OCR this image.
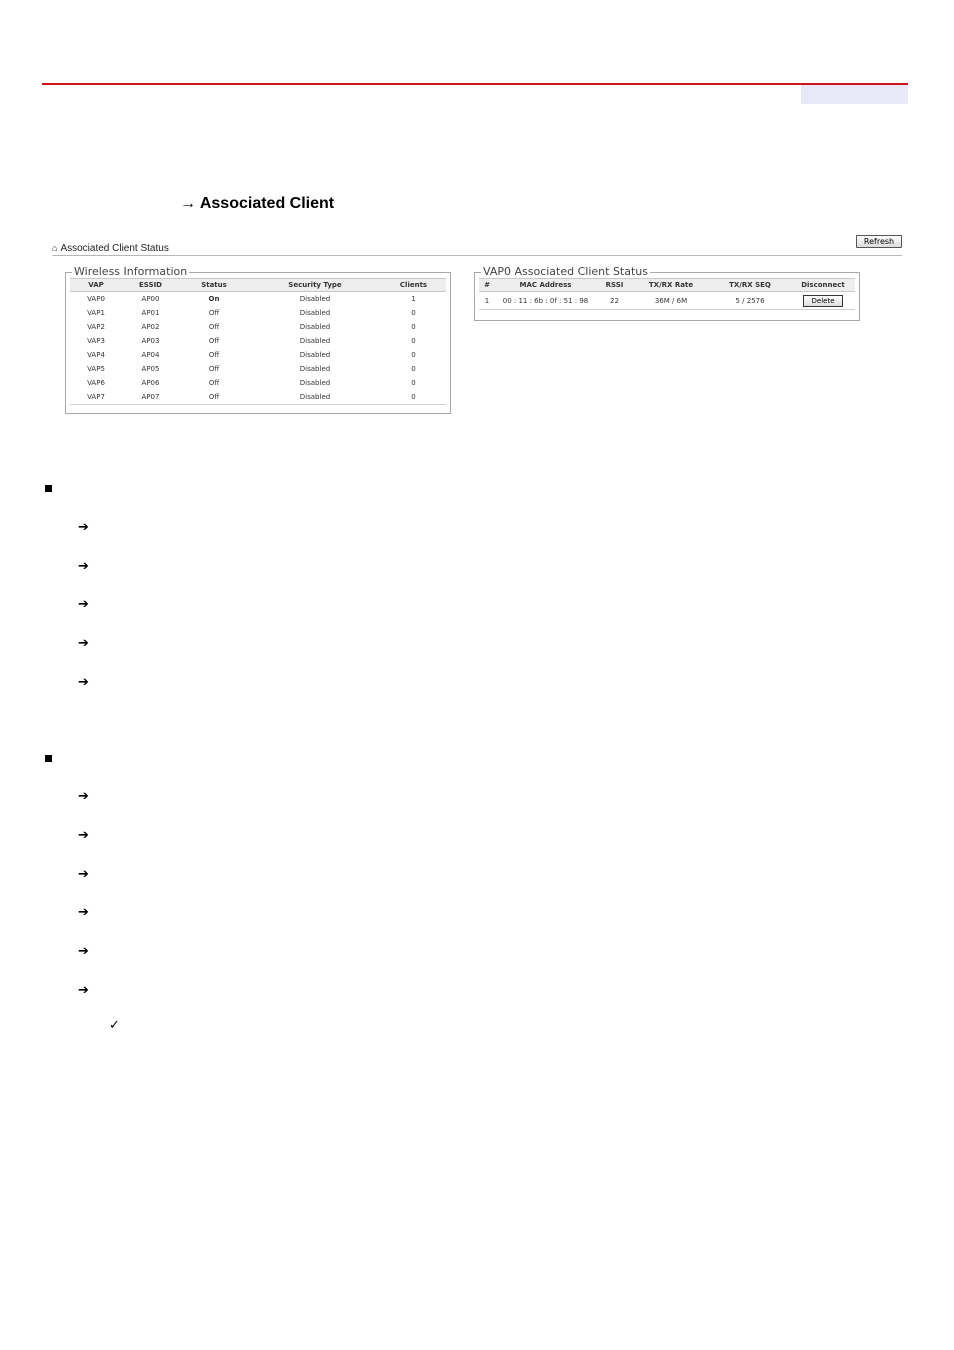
→ Associated Client
⌂ Associated Client Status
Refresh
Wireless Information
VAP	ESSID	Status	Security Type	Clients
VAP0	AP00	On	Disabled	1
VAP1	AP01	Off	Disabled	0
VAP2	AP02	Off	Disabled	0
VAP3	AP03	Off	Disabled	0
VAP4	AP04	Off	Disabled	0
VAP5	AP05	Off	Disabled	0
VAP6	AP06	Off	Disabled	0
VAP7	AP07	Off	Disabled	0
VAP0 Associated Client Status
#	MAC Address	RSSI	TX/RX Rate	TX/RX SEQ	Disconnect
1	00 : 11 : 6b : 0f : 51 : 98	22	36M / 6M	5 / 2576	Delete
➔
➔
➔
➔
➔
➔
➔
➔
➔
➔
➔
✓
